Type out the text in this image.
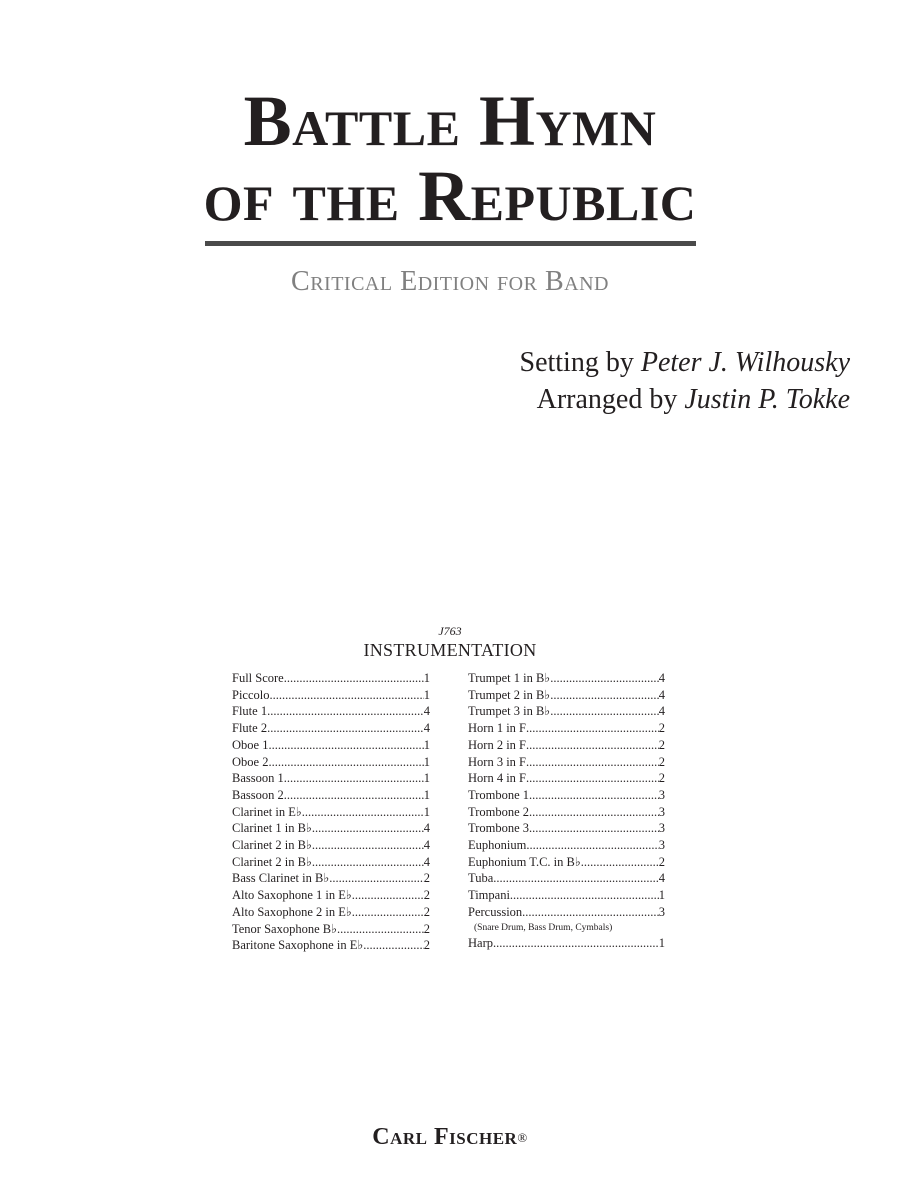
Battle Hymn
of the Republic
Critical Edition for Band
Setting by Peter J. Wilhousky
Arranged by Justin P. Tokke
J763
INSTRUMENTATION
Full Score .....	1
Piccolo .....	1
Flute 1 .....	4
Flute 2 .....	4
Oboe 1 .....	1
Oboe 2 .....	1
Bassoon 1 .....	1
Bassoon 2 .....	1
Clarinet in E♭ .....	1
Clarinet 1 in B♭ .....	4
Clarinet 2 in B♭ .....	4
Clarinet 2 in B♭ .....	4
Bass Clarinet in B♭ .....	2
Alto Saxophone 1 in E♭ .....	2
Alto Saxophone 2 in E♭ .....	2
Tenor Saxophone B♭ .....	2
Baritone Saxophone in E♭ .....	2
Trumpet 1 in B♭ .....	4
Trumpet 2 in B♭ .....	4
Trumpet 3 in B♭ .....	4
Horn 1 in F .....	2
Horn 2 in F .....	2
Horn 3 in F .....	2
Horn 4 in F .....	2
Trombone 1 .....	3
Trombone 2 .....	3
Trombone 3 .....	3
Euphonium .....	3
Euphonium T.C. in B♭ .....	2
Tuba .....	4
Timpani .....	1
Percussion .....	3
(Snare Drum, Bass Drum, Cymbals)
Harp .....	1
Carl Fischer®
